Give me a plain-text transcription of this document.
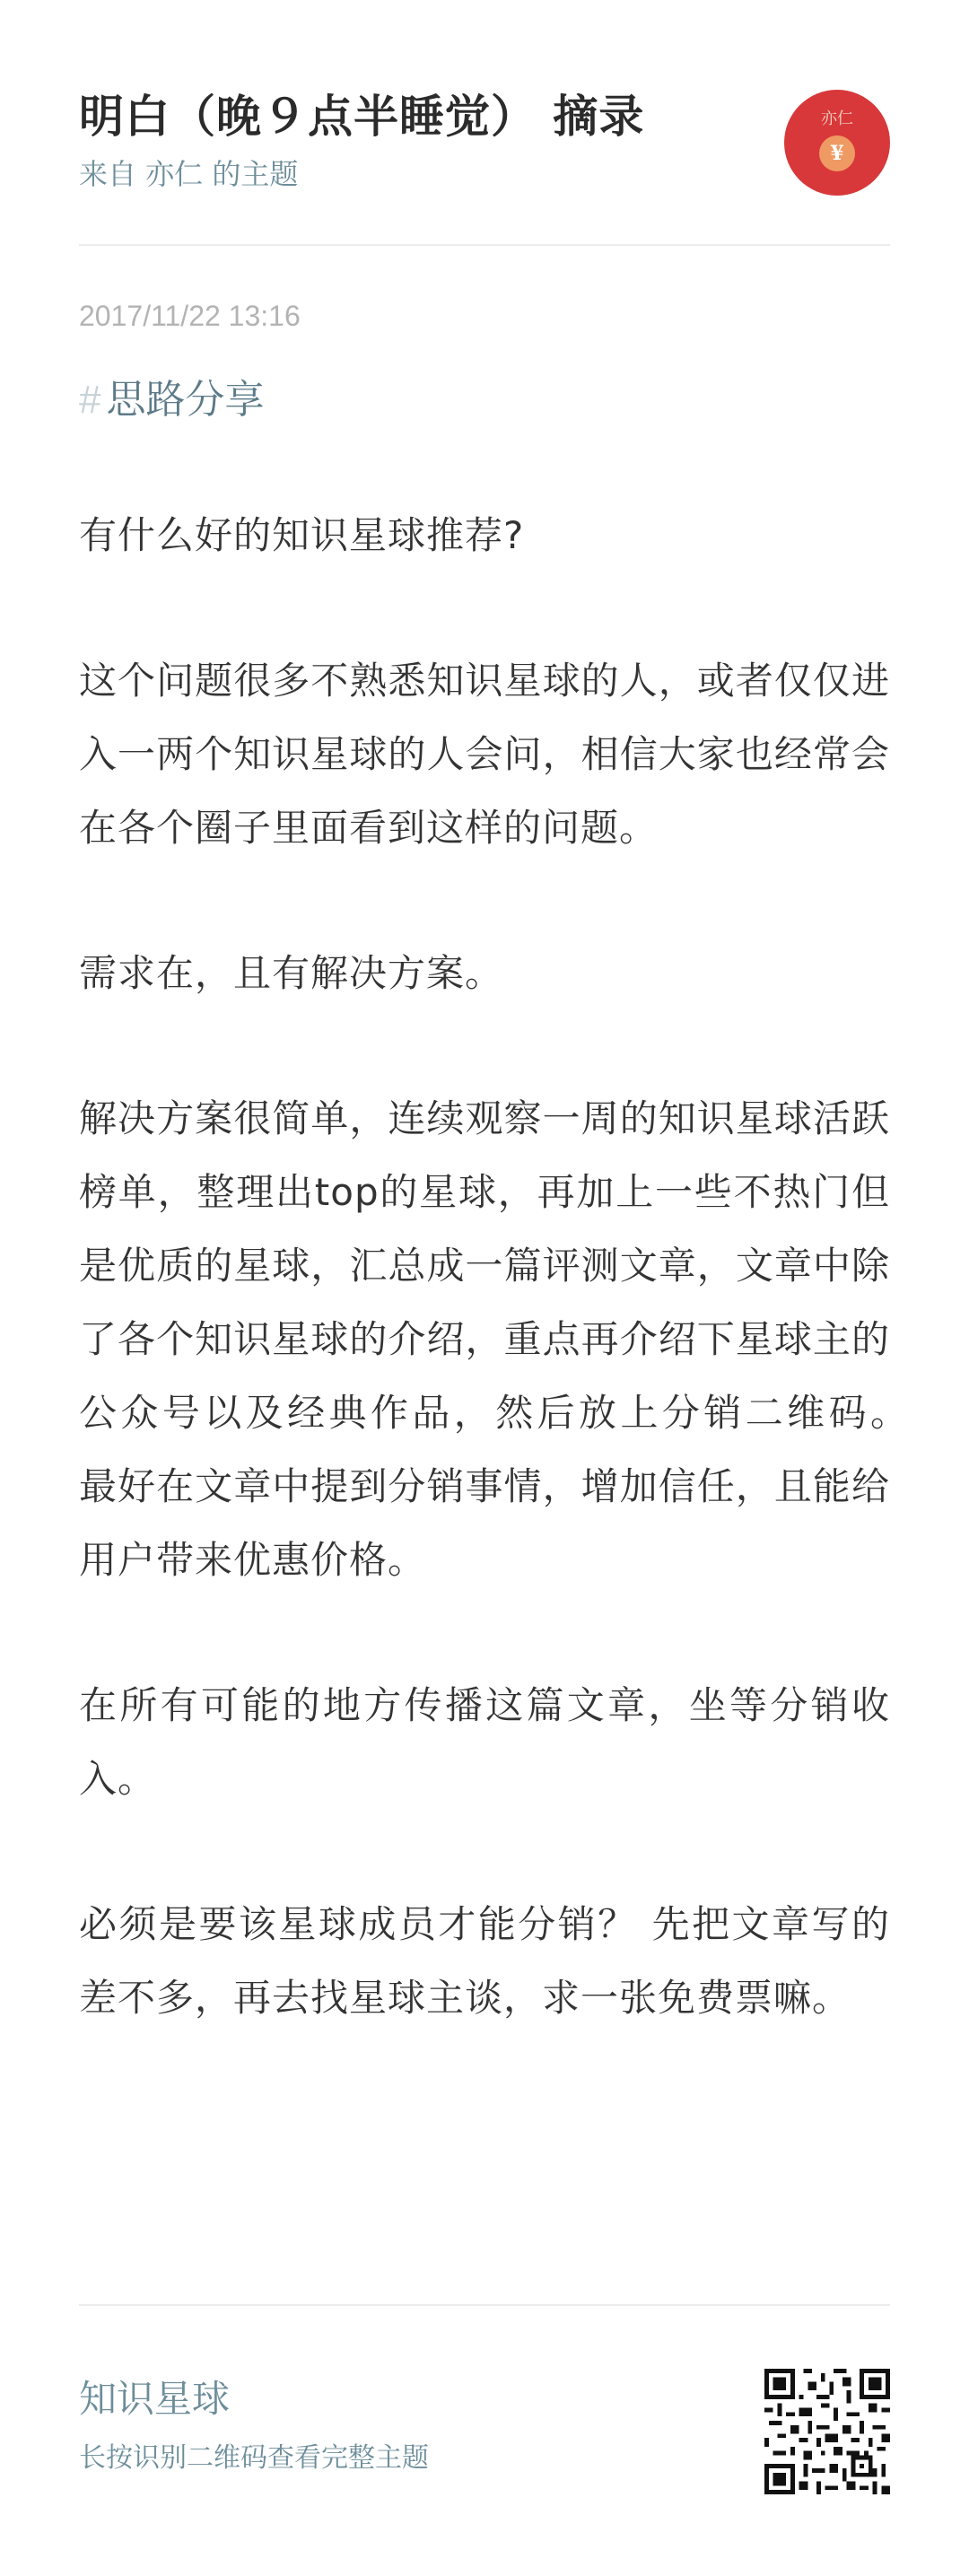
明白（晚９点半睡觉） 摘录
来自 亦仁 的主题
亦仁
¥
2017/11/22 13:16
# 思路分享

有什么好的知识星球推荐?

这个问题很多不熟悉知识星球的人，或者仅仅进入一两个知识星球的人会问，相信大家也经常会在各个圈子里面看到这样的问题。

需求在，且有解决方案。

解决方案很简单，连续观察一周的知识星球活跃榜单，整理出top的星球，再加上一些不热门但是优质的星球，汇总成一篇评测文章，文章中除了各个知识星球的介绍，重点再介绍下星球主的公众号以及经典作品，然后放上分销二维码。　 最好在文章中提到分销事情，增加信任，且能给用户带来优惠价格。

在所有可能的地方传播这篇文章，坐等分销收入。

必须是要该星球成员才能分销？ 先把文章写的差不多，再去找星球主谈，求一张免费票嘛。

知识星球
长按识别二维码查看完整主题
